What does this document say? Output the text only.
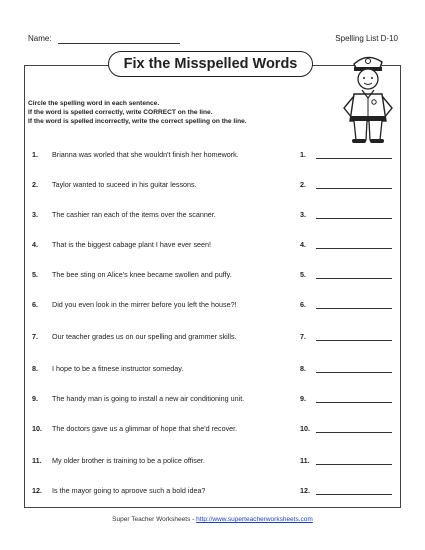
Name:	Spelling List D-10
Fix the Misspelled Words
Circle the spelling word in each sentence.
If the word is spelled correctly, write CORRECT on the line.
If the word is spelled incorrectly, write the correct spelling on the line.
1. Brianna was worled that she wouldn't finish her homework.	1.
2. Taylor wanted to suceed in his guitar lessons.	2.
3. The cashier ran each of the items over the scanner.	3.
4. That is the biggest cabage plant I have ever seen!	4.
5. The bee sting on Alice's knee became swollen and puffy.	5.
6. Did you even look in the mirrer before you left the house?!	6.
7. Our teacher grades us on our spelling and grammer skills.	7.
8. I hope to be a fitnese instructor someday.	8.
9. The handy man is going to install a new air conditioning unit.	9.
10. The doctors gave us a glimmar of hope that she'd recover.	10.
11. My older brother is training to be a police offiser.	11.
12. Is the mayor going to aproove such a bold idea?	12.
Super Teacher Worksheets - http://www.superteacherworksheets.com
